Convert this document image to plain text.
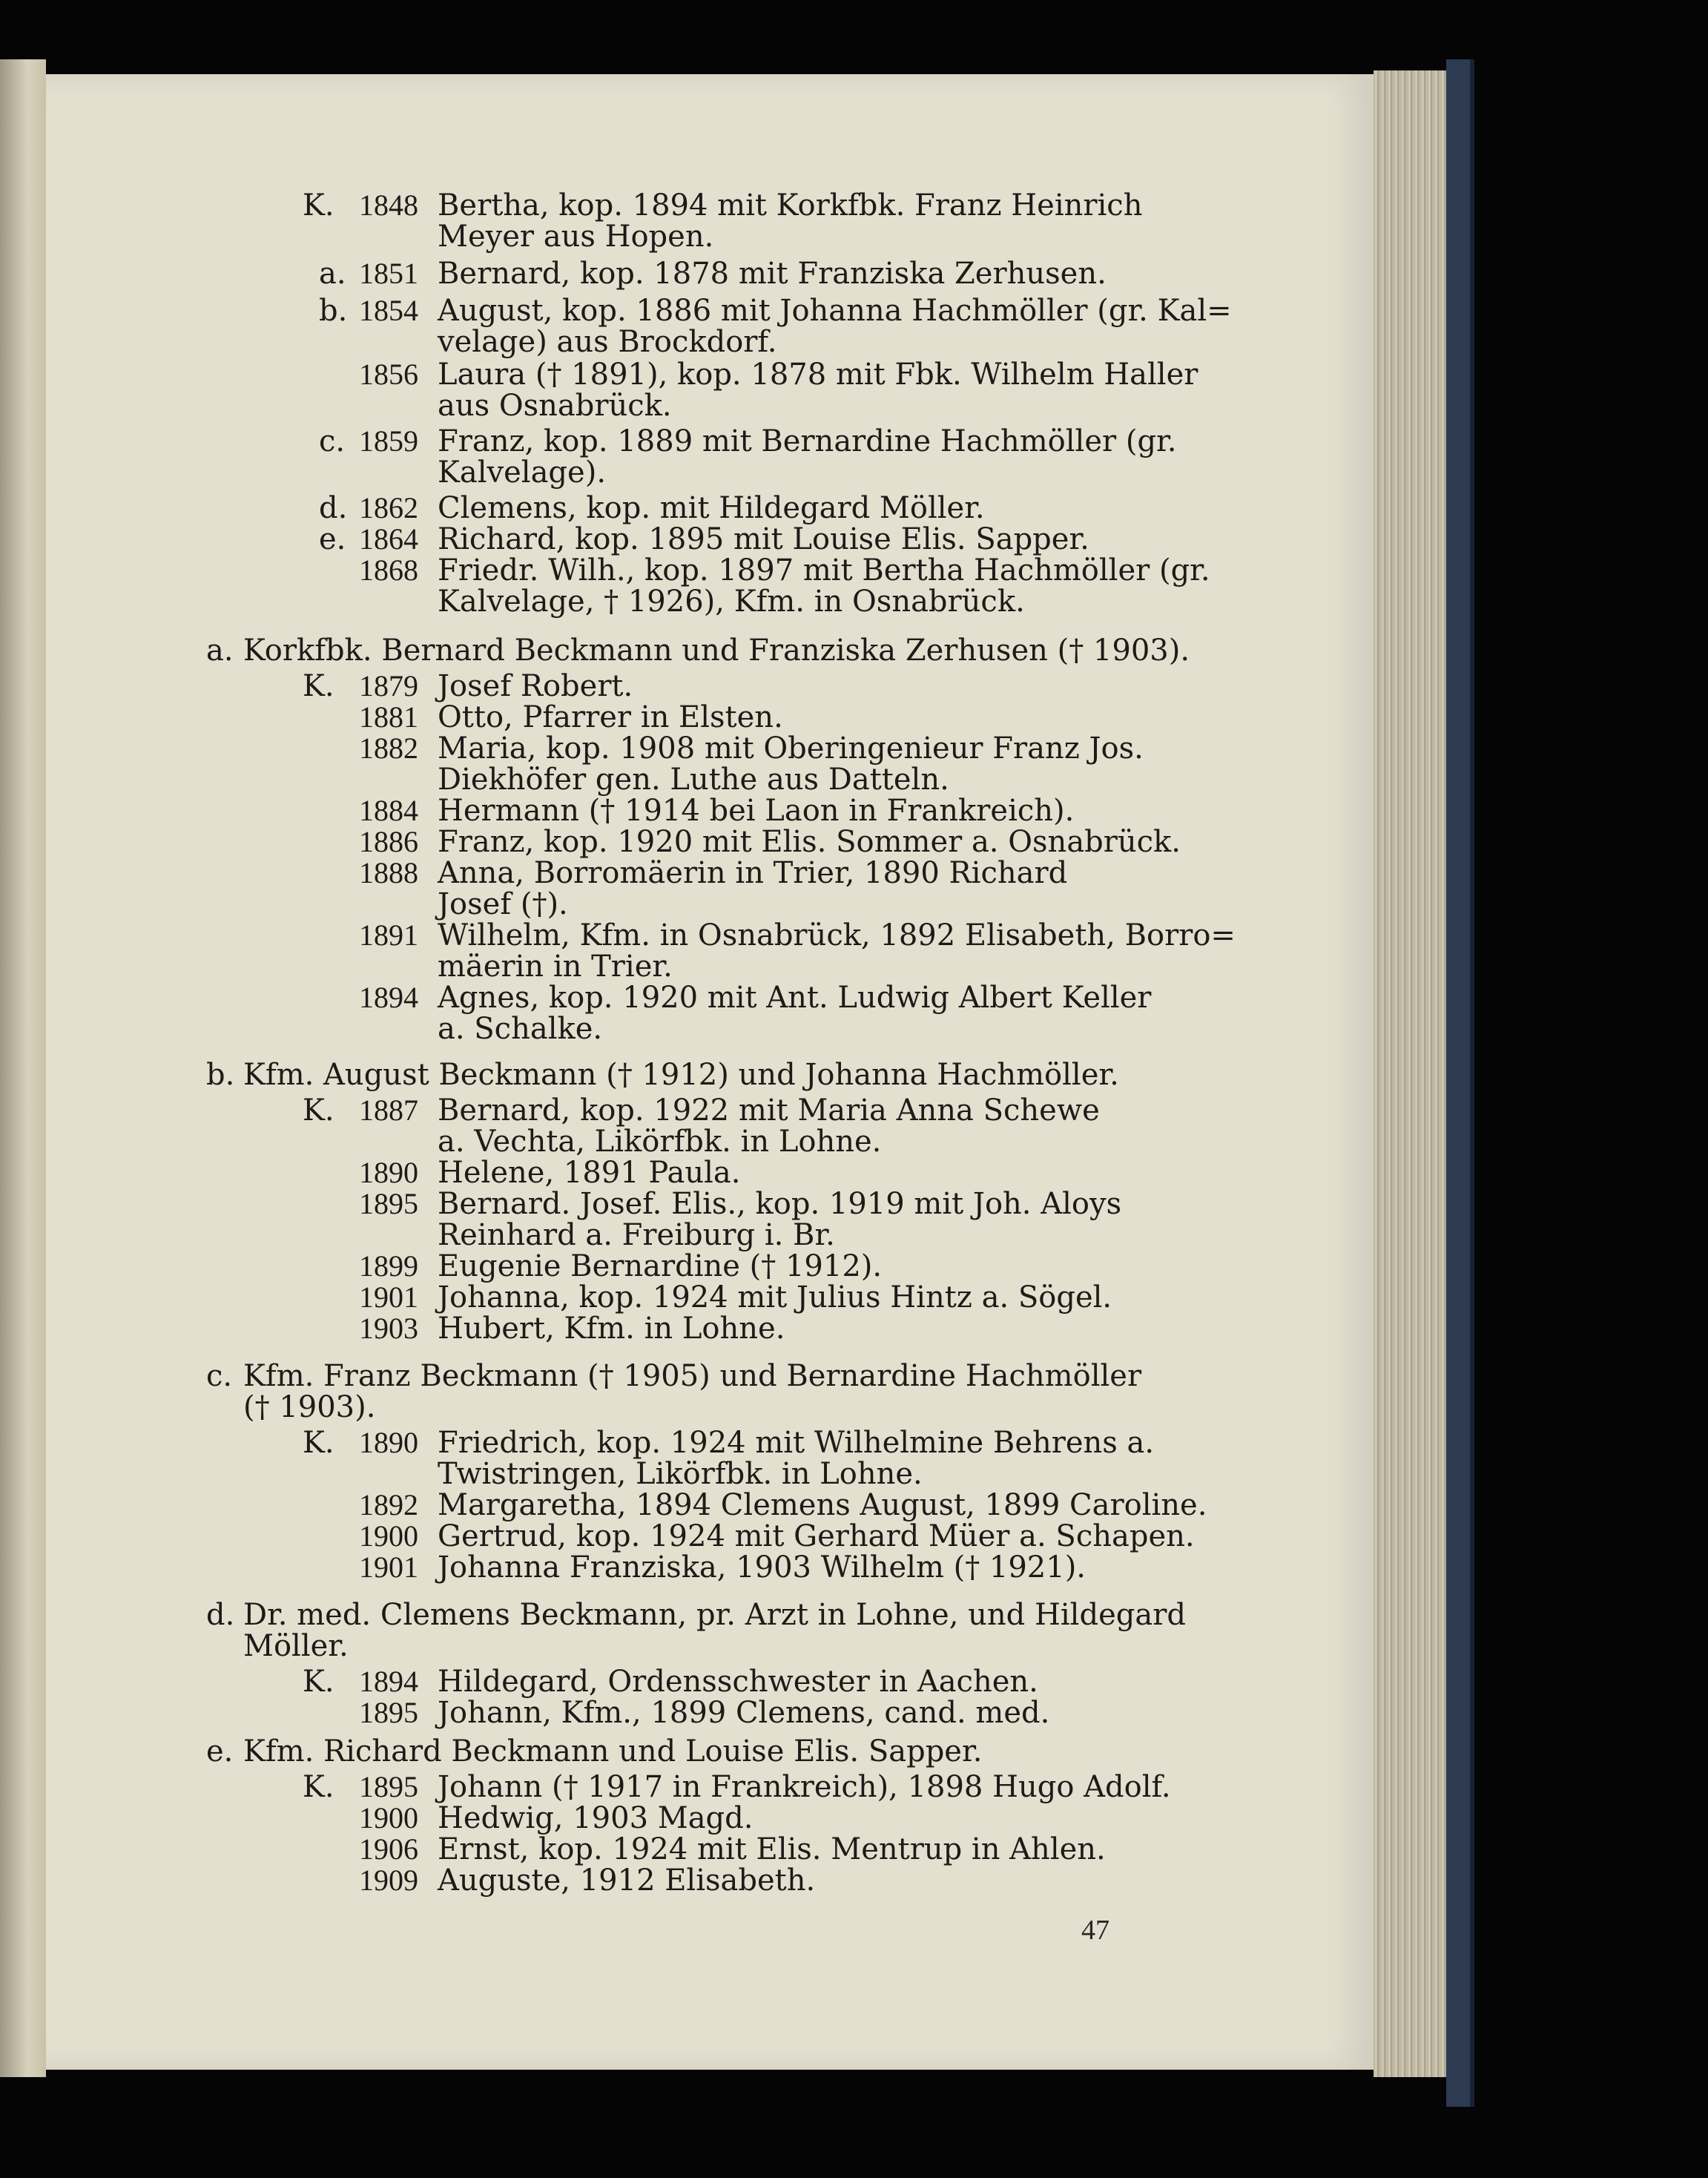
K. 1848 Bertha, kop. 1894 mit Korkfbk. Franz Heinrich
Meyer aus Hopen.
a. 1851 Bernard, kop. 1878 mit Franziska Zerhusen.
b. 1854 August, kop. 1886 mit Johanna Hachmöller (gr. Kal=
velage) aus Brockdorf.
1856 Laura († 1891), kop. 1878 mit Fbk. Wilhelm Haller
aus Osnabrück.
c. 1859 Franz, kop. 1889 mit Bernardine Hachmöller (gr.
Kalvelage).
d. 1862 Clemens, kop. mit Hildegard Möller.
e. 1864 Richard, kop. 1895 mit Louise Elis. Sapper.
1868 Friedr. Wilh., kop. 1897 mit Bertha Hachmöller (gr.
Kalvelage, † 1926), Kfm. in Osnabrück.
a. Korkfbk. Bernard Beckmann und Franziska Zerhusen († 1903).
K. 1879 Josef Robert.
1881 Otto, Pfarrer in Elsten.
1882 Maria, kop. 1908 mit Oberingenieur Franz Jos.
Diekhöfer gen. Luthe aus Datteln.
1884 Hermann († 1914 bei Laon in Frankreich).
1886 Franz, kop. 1920 mit Elis. Sommer a. Osnabrück.
1888 Anna, Borromäerin in Trier, 1890 Richard
Josef (†).
1891 Wilhelm, Kfm. in Osnabrück, 1892 Elisabeth, Borro=
mäerin in Trier.
1894 Agnes, kop. 1920 mit Ant. Ludwig Albert Keller
a. Schalke.
b. Kfm. August Beckmann († 1912) und Johanna Hachmöller.
K. 1887 Bernard, kop. 1922 mit Maria Anna Schewe
a. Vechta, Likörfbk. in Lohne.
1890 Helene, 1891 Paula.
1895 Bernard. Josef. Elis., kop. 1919 mit Joh. Aloys
Reinhard a. Freiburg i. Br.
1899 Eugenie Bernardine († 1912).
1901 Johanna, kop. 1924 mit Julius Hintz a. Sögel.
1903 Hubert, Kfm. in Lohne.
c. Kfm. Franz Beckmann († 1905) und Bernardine Hachmöller
(† 1903).
K. 1890 Friedrich, kop. 1924 mit Wilhelmine Behrens a.
Twistringen, Likörfbk. in Lohne.
1892 Margaretha, 1894 Clemens August, 1899 Caroline.
1900 Gertrud, kop. 1924 mit Gerhard Müer a. Schapen.
1901 Johanna Franziska, 1903 Wilhelm († 1921).
d. Dr. med. Clemens Beckmann, pr. Arzt in Lohne, und Hildegard
Möller.
K. 1894 Hildegard, Ordensschwester in Aachen.
1895 Johann, Kfm., 1899 Clemens, cand. med.
e. Kfm. Richard Beckmann und Louise Elis. Sapper.
K. 1895 Johann († 1917 in Frankreich), 1898 Hugo Adolf.
1900 Hedwig, 1903 Magd.
1906 Ernst, kop. 1924 mit Elis. Mentrup in Ahlen.
1909 Auguste, 1912 Elisabeth.
47
